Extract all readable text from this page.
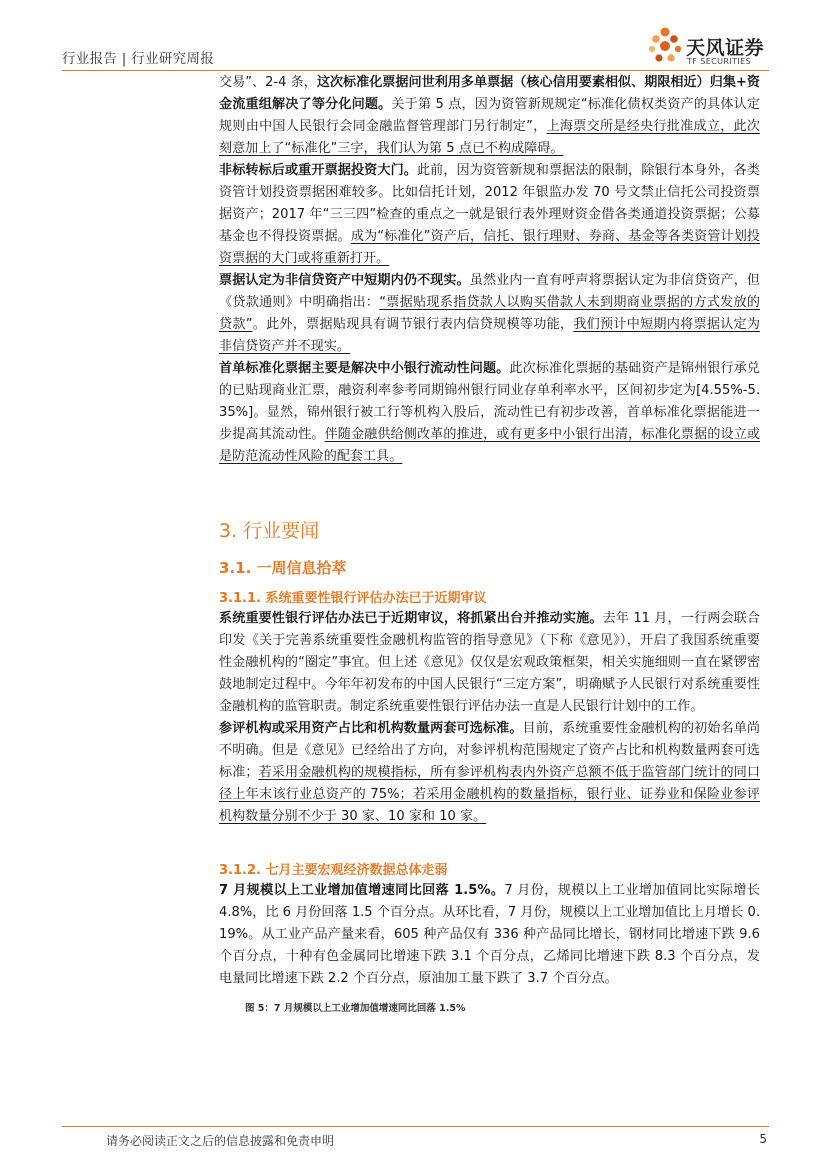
行业报告 | 行业研究周报	天风证券
TF SECURITIES

交易”、2-4 条，这次标准化票据问世利用多单票据（核心信用要素相似、期限相近）归集+资金流重组解决了等分化问题。关于第 5 点，因为资管新规规定“标准化债权类资产的具体认定规则由中国人民银行会同金融监督管理部门另行制定”，上海票交所是经央行批准成立，此次刻意加上了“标准化”三字，我们认为第 5 点已不构成障碍。

非标转标后或重开票据投资大门。此前，因为资管新规和票据法的限制，除银行本身外，各类资管计划投资票据困难较多。比如信托计划，2012 年银监办发 70 号文禁止信托公司投资票据资产；2017 年“三三四”检查的重点之一就是银行表外理财资金借各类通道投资票据；公募基金也不得投资票据。成为“标准化”资产后，信托、银行理财、券商、基金等各类资管计划投资票据的大门或将重新打开。

票据认定为非信贷资产中短期内仍不现实。虽然业内一直有呼声将票据认定为非信贷资产，但《贷款通则》中明确指出：“票据贴现系指贷款人以购买借款人未到期商业票据的方式发放的贷款”。此外，票据贴现具有调节银行表内信贷规模等功能，我们预计中短期内将票据认定为非信贷资产并不现实。

首单标准化票据主要是解决中小银行流动性问题。此次标准化票据的基础资产是锦州银行承兑的已贴现商业汇票，融资利率参考同期锦州银行同业存单利率水平，区间初步定为[4.55%-5.35%]。显然，锦州银行被工行等机构入股后，流动性已有初步改善，首单标准化票据能进一步提高其流动性。伴随金融供给侧改革的推进，或有更多中小银行出清，标准化票据的设立或是防范流动性风险的配套工具。

3. 行业要闻
3.1. 一周信息拾萃
3.1.1. 系统重要性银行评估办法已于近期审议

系统重要性银行评估办法已于近期审议，将抓紧出台并推动实施。去年 11 月，一行两会联合印发《关于完善系统重要性金融机构监管的指导意见》（下称《意见》），开启了我国系统重要性金融机构的“圈定”事宜。但上述《意见》仅仅是宏观政策框架，相关实施细则一直在紧锣密鼓地制定过程中。今年年初发布的中国人民银行“三定方案”，明确赋予人民银行对系统重要性金融机构的监管职责。制定系统重要性银行评估办法一直是人民银行计划中的工作。

参评机构或采用资产占比和机构数量两套可选标准。目前，系统重要性金融机构的初始名单尚不明确。但是《意见》已经给出了方向，对参评机构范围规定了资产占比和机构数量两套可选标准；若采用金融机构的规模指标，所有参评机构表内外资产总额不低于监管部门统计的同口径上年末该行业总资产的 75%；若采用金融机构的数量指标，银行业、证券业和保险业参评机构数量分别不少于 30 家、10 家和 10 家。

3.1.2. 七月主要宏观经济数据总体走弱

7 月规模以上工业增加值增速同比回落 1.5%。7 月份，规模以上工业增加值同比实际增长 4.8%，比 6 月份回落 1.5 个百分点。从环比看，7 月份，规模以上工业增加值比上月增长 0.19%。从工业产品产量来看，605 种产品仅有 336 种产品同比增长，钢材同比增速下跌 9.6 个百分点，十种有色金属同比增速下跌 3.1 个百分点，乙烯同比增速下跌 8.3 个百分点，发电量同比增速下跌 2.2 个百分点，原油加工量下跌了 3.7 个百分点。

图 5：7 月规模以上工业增加值增速同比回落 1.5%
请务必阅读正文之后的信息披露和免责申明	5
